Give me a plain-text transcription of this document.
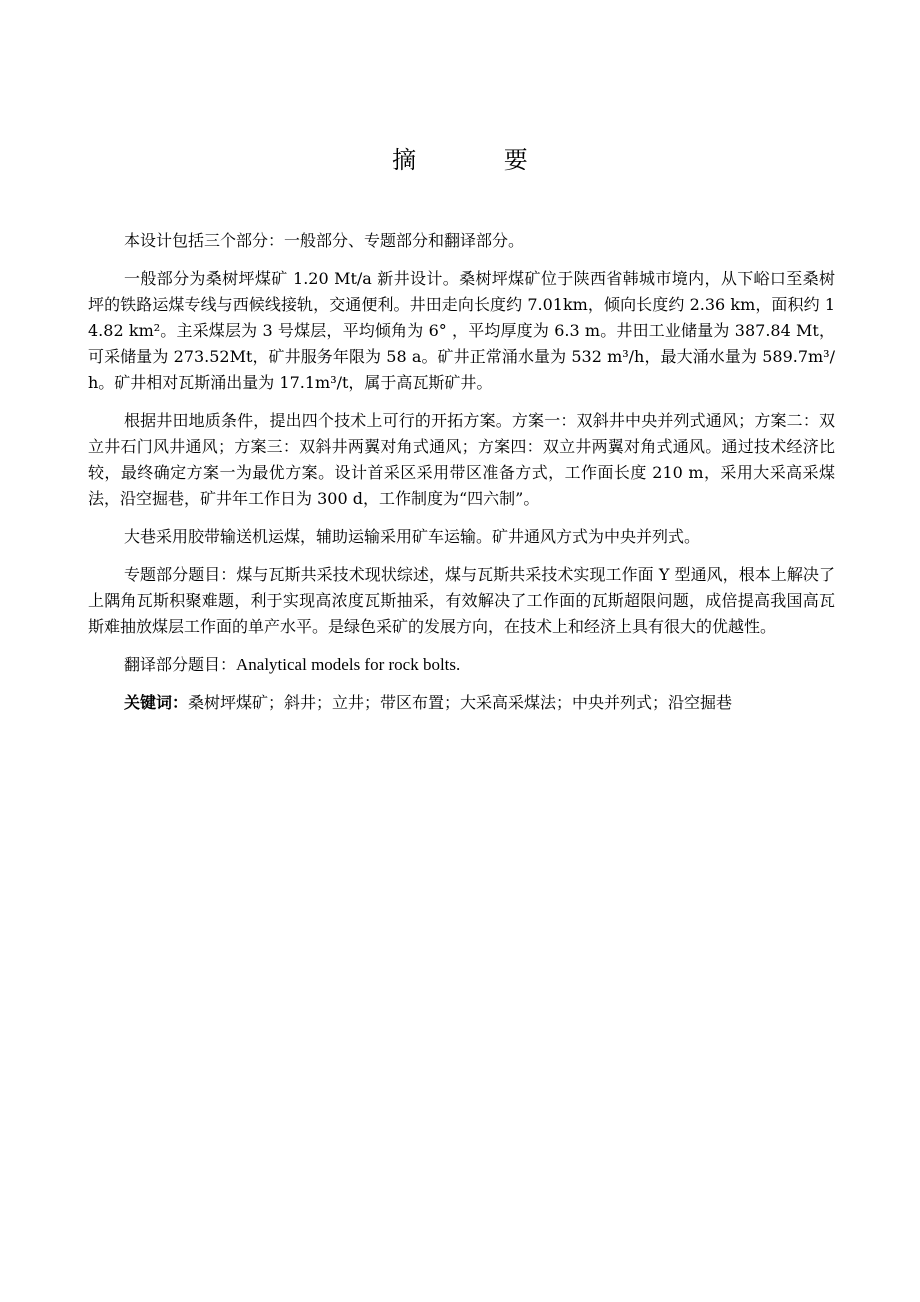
摘 要

本设计包括三个部分：一般部分、专题部分和翻译部分。

一般部分为桑树坪煤矿 1.20 Mt/a 新井设计。桑树坪煤矿位于陕西省韩城市境内，从下峪口至桑树坪的铁路运煤专线与西候线接轨，交通便利。井田走向长度约 7.01km，倾向长度约 2.36 km，面积约 14.82 km²。主采煤层为 3 号煤层，平均倾角为 6° ，平均厚度为 6.3 m。井田工业储量为 387.84 Mt，可采储量为 273.52Mt，矿井服务年限为 58 a。矿井正常涌水量为 532 m³/h，最大涌水量为 589.7m³/h。矿井相对瓦斯涌出量为 17.1m³/t，属于高瓦斯矿井。

根据井田地质条件，提出四个技术上可行的开拓方案。方案一：双斜井中央并列式通风；方案二：双立井石门风井通风；方案三：双斜井两翼对角式通风；方案四：双立井两翼对角式通风。通过技术经济比较，最终确定方案一为最优方案。设计首采区采用带区准备方式，工作面长度 210 m，采用大采高采煤法，沿空掘巷，矿井年工作日为 300 d，工作制度为“四六制”。

大巷采用胶带输送机运煤，辅助运输采用矿车运输。矿井通风方式为中央并列式。

专题部分题目：煤与瓦斯共采技术现状综述，煤与瓦斯共采技术实现工作面 Y 型通风，根本上解决了上隅角瓦斯积聚难题，利于实现高浓度瓦斯抽采，有效解决了工作面的瓦斯超限问题，成倍提高我国高瓦斯难抽放煤层工作面的单产水平。是绿色采矿的发展方向，在技术上和经济上具有很大的优越性。

翻译部分题目：Analytical models for rock bolts.

关键词：桑树坪煤矿；斜井；立井；带区布置；大采高采煤法；中央并列式；沿空掘巷
